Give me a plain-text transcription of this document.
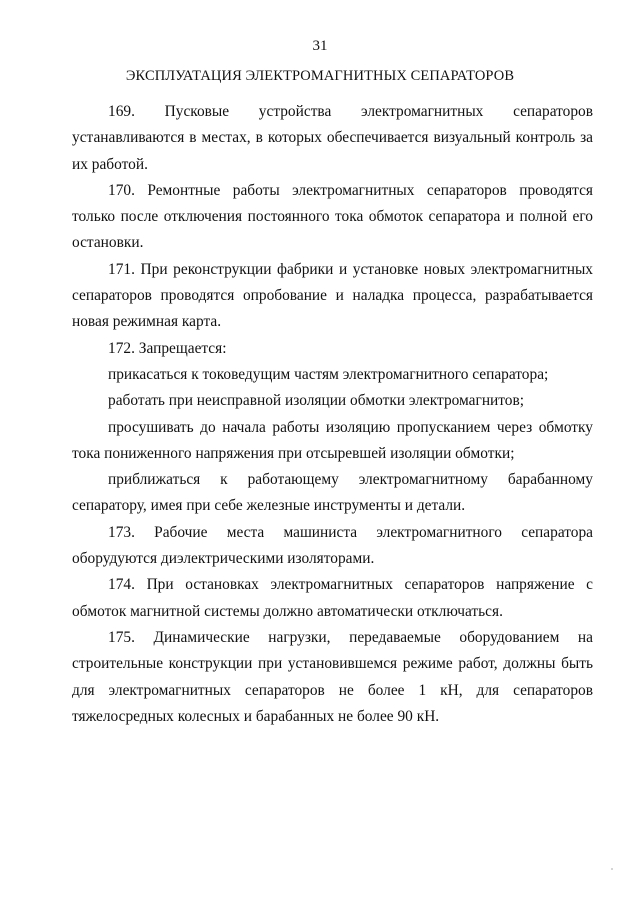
31
ЭКСПЛУАТАЦИЯ ЭЛЕКТРОМАГНИТНЫХ СЕПАРАТОРОВ

169. Пусковые устройства электромагнитных сепараторов устанавливаются в местах, в которых обеспечивается визуальный контроль за их работой.

170. Ремонтные работы электромагнитных сепараторов проводятся только после отключения постоянного тока обмоток сепаратора и полной его остановки.

171. При реконструкции фабрики и установке новых электромагнитных сепараторов проводятся опробование и наладка процесса, разрабатывается новая режимная карта.

172. Запрещается:

прикасаться к токоведущим частям электромагнитного сепаратора;

работать при неисправной изоляции обмотки электромагнитов;

просушивать до начала работы изоляцию пропусканием через обмотку тока пониженного напряжения при отсыревшей изоляции обмотки;

приближаться к работающему электромагнитному барабанному сепаратору, имея при себе железные инструменты и детали.

173. Рабочие места машиниста электромагнитного сепаратора оборудуются диэлектрическими изоляторами.

174. При остановках электромагнитных сепараторов напряжение с обмоток магнитной системы должно автоматически отключаться.

175. Динамические нагрузки, передаваемые оборудованием на строительные конструкции при установившемся режиме работ, должны быть для электромагнитных сепараторов не более 1 кН, для сепараторов тяжелосредных колесных и барабанных не более 90 кН.
